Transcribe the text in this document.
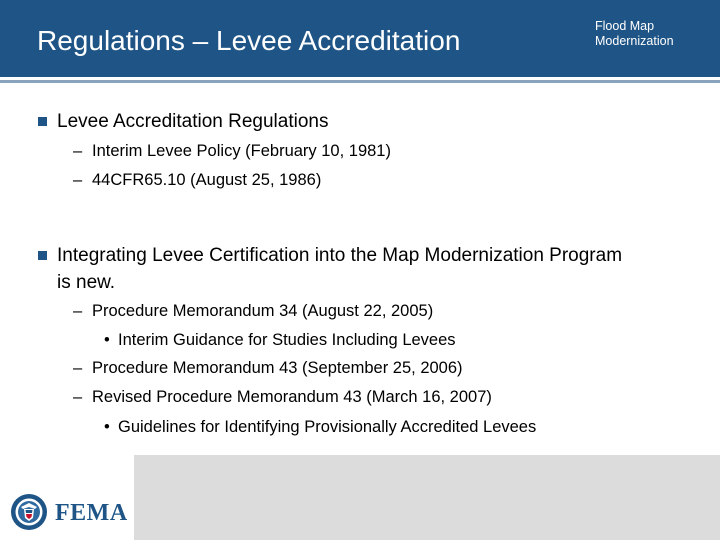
Regulations – Levee Accreditation	Flood Map
Modernization
Levee Accreditation Regulations
– Interim Levee Policy (February 10, 1981)
– 44CFR65.10 (August 25, 1986)
Integrating Levee Certification into the Map Modernization Program is new.
– Procedure Memorandum 34 (August 22, 2005)
• Interim Guidance for Studies Including Levees
– Procedure Memorandum 43 (September 25, 2006)
– Revised Procedure Memorandum 43 (March 16, 2007)
• Guidelines for Identifying Provisionally Accredited Levees
FEMA
